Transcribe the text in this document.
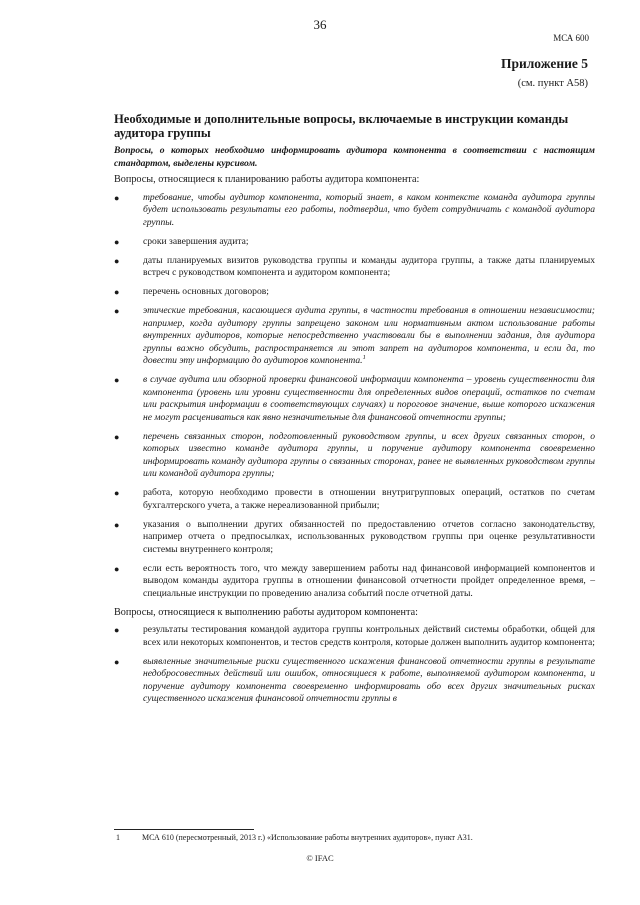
36
МСА 600
Приложение 5
(см. пункт А58)
Необходимые и дополнительные вопросы, включаемые в инструкции команды аудитора группы

Вопросы, о которых необходимо информировать аудитора компонента в соответствии с настоящим стандартом, выделены курсивом.

Вопросы, относящиеся к планированию работы аудитора компонента:

● требование, чтобы аудитор компонента, который знает, в каком контексте команда аудитора группы будет использовать результаты его работы, подтвердил, что будет сотрудничать с командой аудитора группы.
● сроки завершения аудита;
● даты планируемых визитов руководства группы и команды аудитора группы, а также даты планируемых встреч с руководством компонента и аудитором компонента;
● перечень основных договоров;
● этические требования, касающиеся аудита группы, в частности требования в отношении независимости; например, когда аудитору группы запрещено законом или нормативным актом использование работы внутренних аудиторов, которые непосредственно участвовали бы в выполнении задания, для аудитора группы важно обсудить, распространяется ли этот запрет на аудиторов компонента, и если да, то довести эту информацию до аудиторов компонента.$^1$
● в случае аудита или обзорной проверки финансовой информации компонента – уровень существенности для компонента (уровень или уровни существенности для определенных видов операций, остатков по счетам или раскрытия информации в соответствующих случаях) и пороговое значение, выше которого искажения не могут расцениваться как явно незначительные для финансовой отчетности группы;
● перечень связанных сторон, подготовленный руководством группы, и всех других связанных сторон, о которых известно команде аудитора группы, и поручение аудитору компонента своевременно информировать команду аудитора группы о связанных сторонах, ранее не выявленных руководством группы или командой аудитора группы;
● работа, которую необходимо провести в отношении внутригрупповых операций, остатков по счетам бухгалтерского учета, а также нереализованной прибыли;
● указания о выполнении других обязанностей по предоставлению отчетов согласно законодательству, например отчета о предпосылках, использованных руководством группы при оценке результативности системы внутреннего контроля;
● если есть вероятность того, что между завершением работы над финансовой информацией компонентов и выводом команды аудитора группы в отношении финансовой отчетности пройдет определенное время, – специальные инструкции по проведению анализа событий после отчетной даты.

Вопросы, относящиеся к выполнению работы аудитором компонента:

● результаты тестирования командой аудитора группы контрольных действий системы обработки, общей для всех или некоторых компонентов, и тестов средств контроля, которые должен выполнить аудитор компонента;
● выявленные значительные риски существенного искажения финансовой отчетности группы в результате недобросовестных действий или ошибок, относящиеся к работе, выполняемой аудитором компонента, и поручение аудитору компонента своевременно информировать обо всех других значительных рисках существенного искажения финансовой отчетности группы в
1	МСА 610 (пересмотренный, 2013 г.) «Использование работы внутренних аудиторов», пункт А31.
© IFAC
